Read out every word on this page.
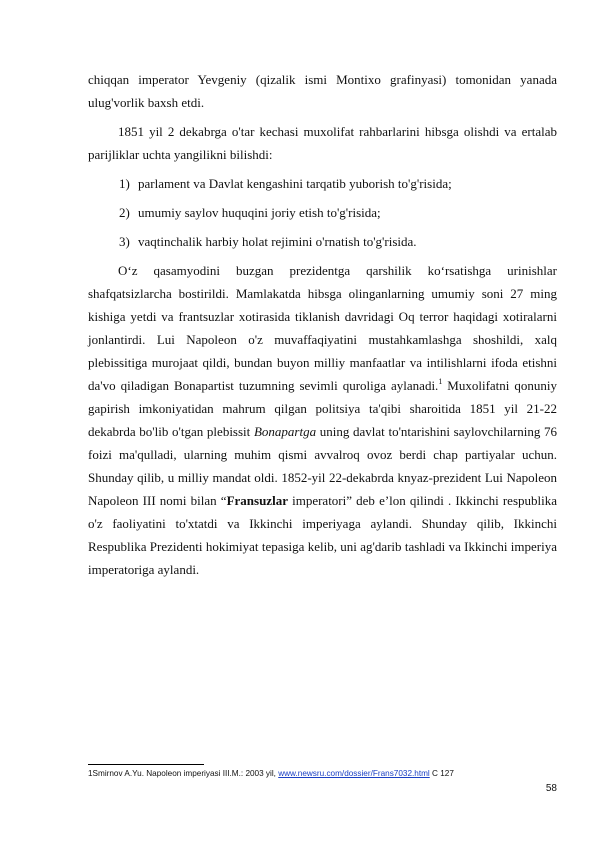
chiqqan imperator Yevgeniy (qizalik ismi Montixo grafinyasi) tomonidan yanada ulug'vorlik baxsh etdi.

1851 yil 2 dekabrga o'tar kechasi muxolifat rahbarlarini hibsga olishdi va ertalab parijliklar uchta yangilikni bilishdi:

1) parlament va Davlat kengashini tarqatib yuborish to'g'risida;
2) umumiy saylov huquqini joriy etish to'g'risida;
3) vaqtinchalik harbiy holat rejimini o'rnatish to'g'risida.

O‘z qasamyodini buzgan prezidentga qarshilik ko‘rsatishga urinishlar shafqatsizlarcha bostirildi. Mamlakatda hibsga olinganlarning umumiy soni 27 ming kishiga yetdi va frantsuzlar xotirasida tiklanish davridagi Oq terror haqidagi xotiralarni jonlantirdi. Lui Napoleon o'z muvaffaqiyatini mustahkamlashga shoshildi, xalq plebissitiga murojaat qildi, bundan buyon milliy manfaatlar va intilishlarni ifoda etishni da'vo qiladigan Bonapartist tuzumning sevimli quroliga aylanadi.$^1$ Muxolifatni qonuniy gapirish imkoniyatidan mahrum qilgan politsiya ta'qibi sharoitida 1851 yil 21-22 dekabrda bo'lib o'tgan plebissit Bonapartga uning davlat to'ntarishini saylovchilarning 76 foizi ma'qulladi, ularning muhim qismi avvalroq ovoz berdi chap partiyalar uchun. Shunday qilib, u milliy mandat oldi. 1852-yil 22-dekabrda knyaz-prezident Lui Napoleon Napoleon III nomi bilan “Fransuzlar imperatori” deb e’lon qilindi . Ikkinchi respublika o'z faoliyatini to'xtatdi va Ikkinchi imperiyaga aylandi. Shunday qilib, Ikkinchi Respublika Prezidenti hokimiyat tepasiga kelib, uni ag'darib tashladi va Ikkinchi imperiya imperatoriga aylandi.

1Smirnov A.Yu. Napoleon imperiyasi III.M.: 2003 yil, www.newsru.com/dossier/Frans7032.html C 127
58
